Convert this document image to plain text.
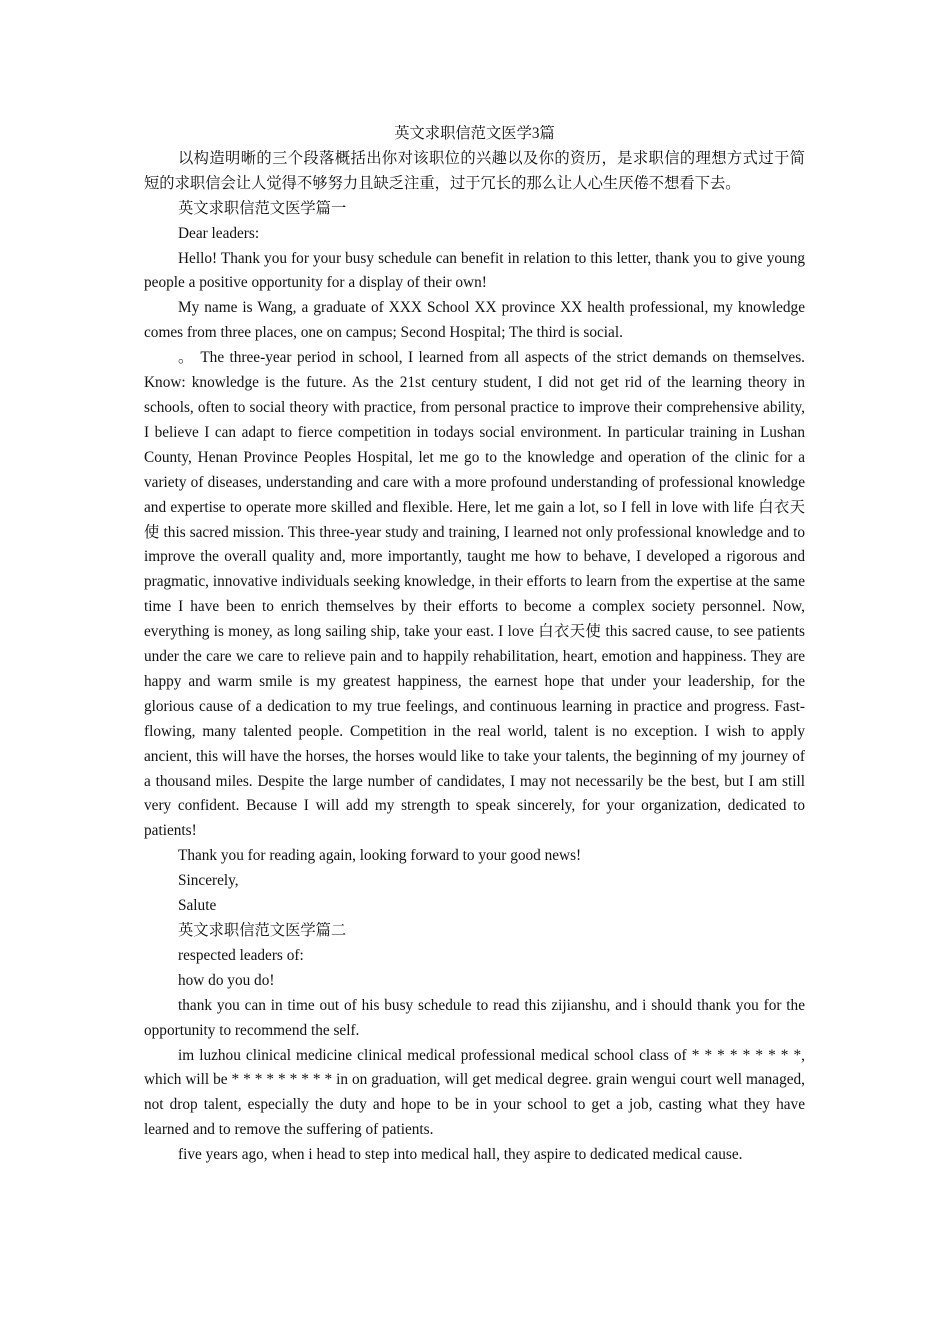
英文求职信范文医学3篇

以构造明晰的三个段落概括出你对该职位的兴趣以及你的资历，是求职信的理想方式过于简短的求职信会让人觉得不够努力且缺乏注重，过于冗长的那么让人心生厌倦不想看下去。

英文求职信范文医学篇一

Dear leaders:

Hello! Thank you for your busy schedule can benefit in relation to this letter, thank you to give young people a positive opportunity for a display of their own!

My name is Wang, a graduate of XXX School XX province XX health professional, my knowledge comes from three places, one on campus; Second Hospital; The third is social.

。 The three-year period in school, I learned from all aspects of the strict demands on themselves. Know: knowledge is the future. As the 21st century student, I did not get rid of the learning theory in schools, often to social theory with practice, from personal practice to improve their comprehensive ability, I believe I can adapt to fierce competition in todays social environment. In particular training in Lushan County, Henan Province Peoples Hospital, let me go to the knowledge and operation of the clinic for a variety of diseases, understanding and care with a more profound understanding of professional knowledge and expertise to operate more skilled and flexible. Here, let me gain a lot, so I fell in love with life 白衣天使 this sacred mission. This three-year study and training, I learned not only professional knowledge and to improve the overall quality and, more importantly, taught me how to behave, I developed a rigorous and pragmatic, innovative individuals seeking knowledge, in their efforts to learn from the expertise at the same time I have been to enrich themselves by their efforts to become a complex society personnel. Now, everything is money, as long sailing ship, take your east. I love 白衣天使 this sacred cause, to see patients under the care we care to relieve pain and to happily rehabilitation, heart, emotion and happiness. They are happy and warm smile is my greatest happiness, the earnest hope that under your leadership, for the glorious cause of a dedication to my true feelings, and continuous learning in practice and progress. Fast-flowing, many talented people. Competition in the real world, talent is no exception. I wish to apply ancient, this will have the horses, the horses would like to take your talents, the beginning of my journey of a thousand miles. Despite the large number of candidates, I may not necessarily be the best, but I am still very confident. Because I will add my strength to speak sincerely, for your organization, dedicated to patients!

Thank you for reading again, looking forward to your good news!

Sincerely,

Salute

英文求职信范文医学篇二

respected leaders of:

how do you do!

thank you can in time out of his busy schedule to read this zijianshu, and i should thank you for the opportunity to recommend the self.

im luzhou clinical medicine clinical medical professional medical school class of * * * * * * * * *, which will be * * * * * * * * * in on graduation, will get medical degree. grain wengui court well managed, not drop talent, especially the duty and hope to be in your school to get a job, casting what they have learned and to remove the suffering of patients.

five years ago, when i head to step into medical hall, they aspire to dedicated medical cause.
